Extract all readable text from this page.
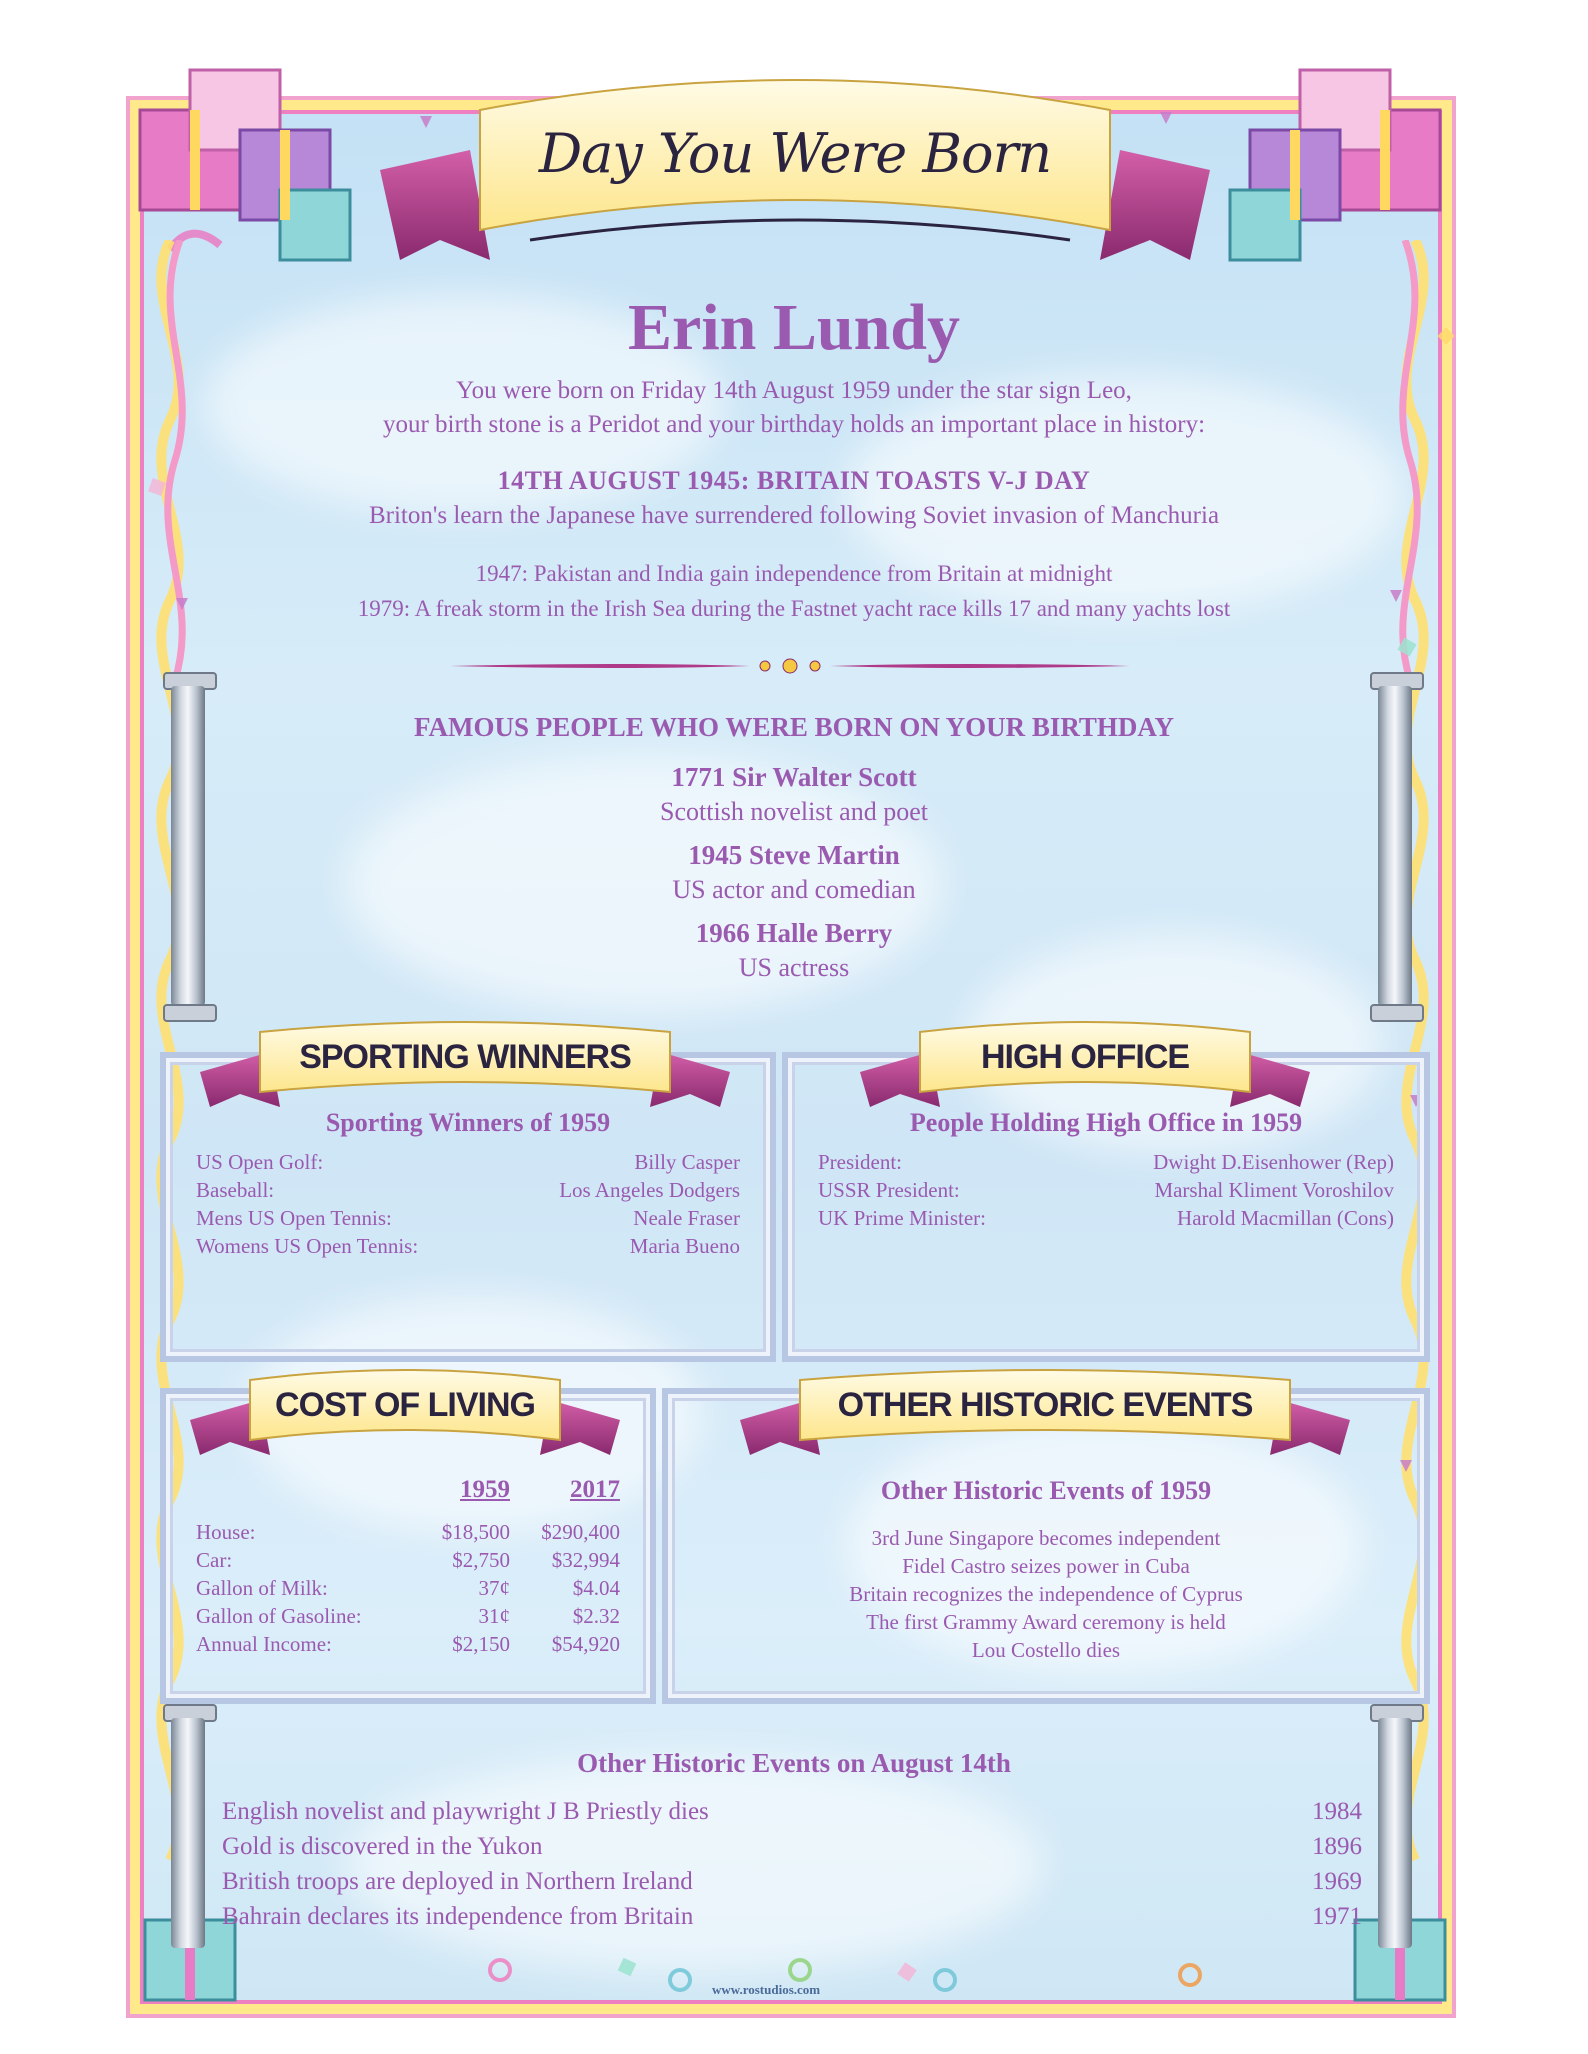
Day You Were Born
Erin Lundy
You were born on Friday 14th August 1959 under the star sign Leo,
your birth stone is a Peridot and your birthday holds an important place in history:
14TH AUGUST 1945: BRITAIN TOASTS V-J DAY
Briton's learn the Japanese have surrendered following Soviet invasion of Manchuria
1947: Pakistan and India gain independence from Britain at midnight
1979: A freak storm in the Irish Sea during the Fastnet yacht race kills 17 and many yachts lost
FAMOUS PEOPLE WHO WERE BORN ON YOUR BIRTHDAY
1771 Sir Walter Scott
Scottish novelist and poet
1945 Steve Martin
US actor and comedian
1966 Halle Berry
US actress
Sporting Winners of 1959
US Open Golf:	Billy Casper
Baseball:	Los Angeles Dodgers
Mens US Open Tennis:	Neale Fraser
Womens US Open Tennis:	Maria Bueno
SPORTING WINNERS
People Holding High Office in 1959
President:	Dwight D.Eisenhower (Rep)
USSR President:	Marshal Kliment Voroshilov
UK Prime Minister:	Harold Macmillan (Cons)
HIGH OFFICE
1959	2017
House:	$18,500	$290,400
Car:	$2,750	$32,994
Gallon of Milk:	37¢	$4.04
Gallon of Gasoline:	31¢	$2.32
Annual Income:	$2,150	$54,920
COST OF LIVING
Other Historic Events of 1959
3rd June Singapore becomes independent
Fidel Castro seizes power in Cuba
Britain recognizes the independence of Cyprus
The first Grammy Award ceremony is held
Lou Costello dies
OTHER HISTORIC EVENTS
Other Historic Events on August 14th
English novelist and playwright J B Priestly dies	1984
Gold is discovered in the Yukon	1896
British troops are deployed in Northern Ireland	1969
Bahrain declares its independence from Britain	1971
www.rostudios.com
